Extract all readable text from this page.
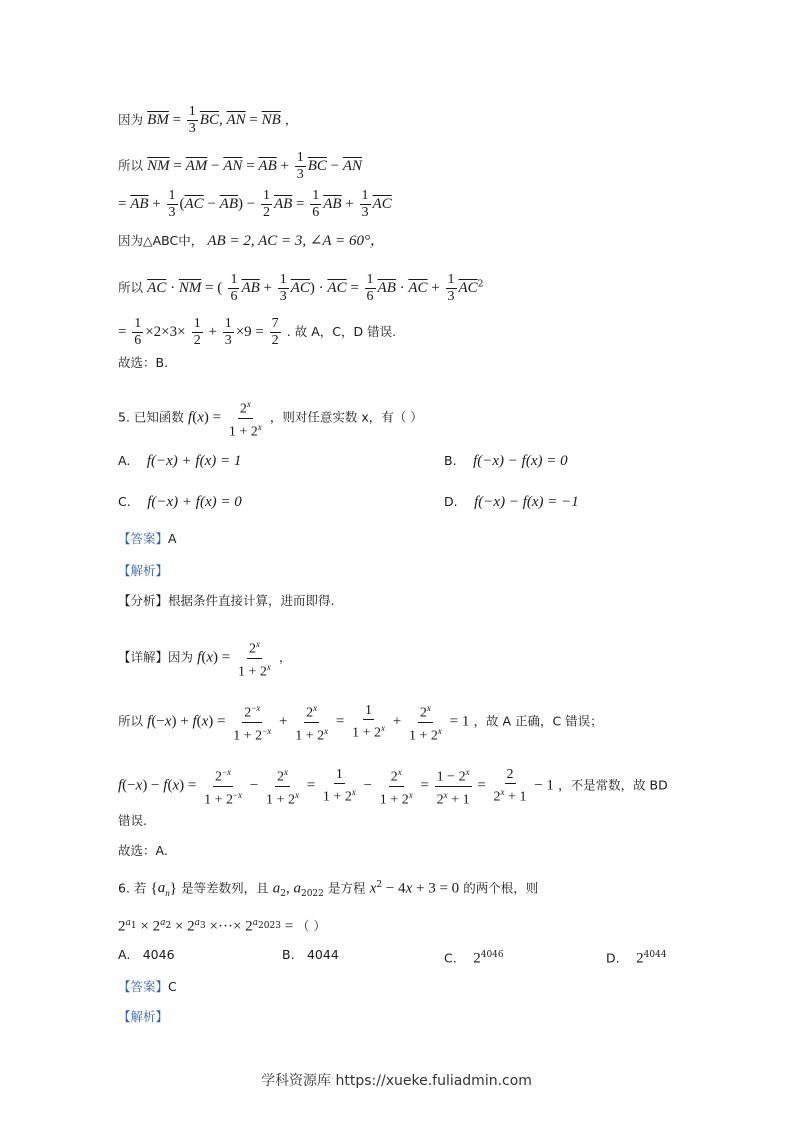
因为 $\overline{BM} = \frac{1}{3} \overline{BC}$, $\overline{AN} = \overline{NB}$ ，
所以 $\overline{NM} = \overline{AM} - \overline{AN} = \overline{AB} + \frac{1}{3} \overline{BC} - \overline{AN}$
= $\overline{AB} + \frac{1}{3} (\overline{AC} - \overline{AB}) - \frac{1}{2} \overline{AB} = \frac{1}{6} \overline{AB} + \frac{1}{3} \overline{AC}$
因为△ABC中， AB = 2, AC = 3, ∠A = 60°，
所以 $\overline{AC} \cdot \overline{NM}$ = ( $\frac{1}{6} \overline{AB} + \frac{1}{3} \overline{AC}) \cdot \overline{AC} = \frac{1}{6} \overline{AB} \cdot \overline{AC} + \frac{1}{3} \overline{AC}^2$
= $\frac{1}{6} \times 2\times 3\times \frac{1}{2} + \frac{1}{3} \times 9 = \frac{7}{2}$ . 故 A，C，D 错误.
故选：B.
5. 已知函数 $f(x) = \frac{2^x}{1 + 2^x}$ ，则对任意实数 x，有（ ）
A. f(−x) + f(x) = 1	B. f(−x) − f(x) = 0
C. f(−x) + f(x) = 0	D. f(−x) − f(x) = −1
【答案】A
【解析】
【分析】根据条件直接计算，进而即得.
【详解】因为 $f(x) = \frac{2^x}{1 + 2^x}$ ，
所以 $f(-x) + f(x) = \frac{2^{-x}}{1 + 2^{-x}} + \frac{2^x}{1 + 2^x} = \frac{1}{1 + 2^x} + \frac{2^x}{1 + 2^x} = 1$ ，故 A 正确，C 错误；
$f(-x) - f(x) = \frac{2^{-x}}{1 + 2^{-x}} - \frac{2^x}{1 + 2^x} = \frac{1}{1 + 2^x} - \frac{2^x}{1 + 2^x} = \frac{1 - 2^x}{2^x + 1} = \frac{2}{2^x + 1} - 1$ ，不是常数，故 BD
错误.
故选：A.
6. 若 $\{a_n\}$ 是等差数列，且 $a_2$, $a_{2022}$ 是方程 $x^2 - 4x + 3 = 0$ 的两个根，则
$2^{a_1} \times 2^{a_2} \times 2^{a_3}$ ×···× $2^{a_{2023}}$ = （ ）
A. 4046	B. 4044	C. $2^{4046}$	D. $2^{4044}$
【答案】C
【解析】
学科资源库 https://xueke.fuliadmin.com
